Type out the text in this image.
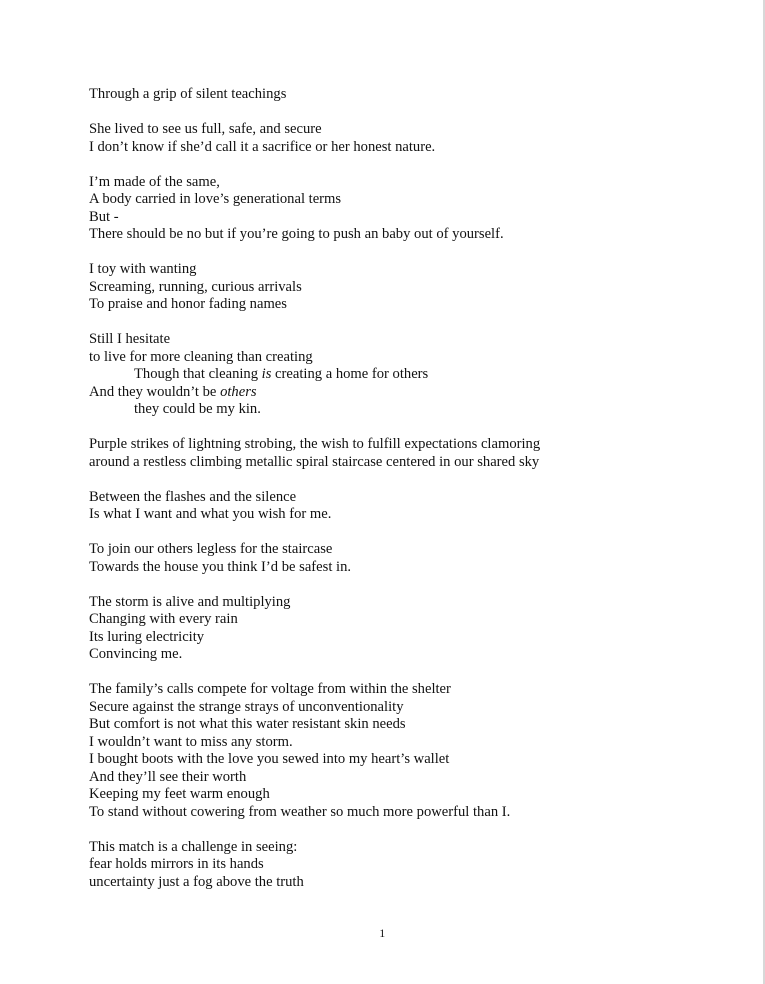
Through a grip of silent teachings
She lived to see us full, safe, and secure
I don’t know if she’d call it a sacrifice or her honest nature.
I’m made of the same,
A body carried in love’s generational terms
But -
There should be no but if you’re going to push an baby out of yourself.
I toy with wanting
Screaming, running, curious arrivals
To praise and honor fading names
Still I hesitate
to live for more cleaning than creating
Though that cleaning is creating a home for others
And they wouldn’t be others
they could be my kin.
Purple strikes of lightning strobing, the wish to fulfill expectations clamoring
around a restless climbing metallic spiral staircase centered in our shared sky
Between the flashes and the silence
Is what I want and what you wish for me.
To join our others legless for the staircase
Towards the house you think I’d be safest in.
The storm is alive and multiplying
Changing with every rain
Its luring electricity
Convincing me.
The family’s calls compete for voltage from within the shelter
Secure against the strange strays of unconventionality
But comfort is not what this water resistant skin needs
I wouldn’t want to miss any storm.
I bought boots with the love you sewed into my heart’s wallet
And they’ll see their worth
Keeping my feet warm enough
To stand without cowering from weather so much more powerful than I.
This match is a challenge in seeing:
fear holds mirrors in its hands
uncertainty just a fog above the truth
1
